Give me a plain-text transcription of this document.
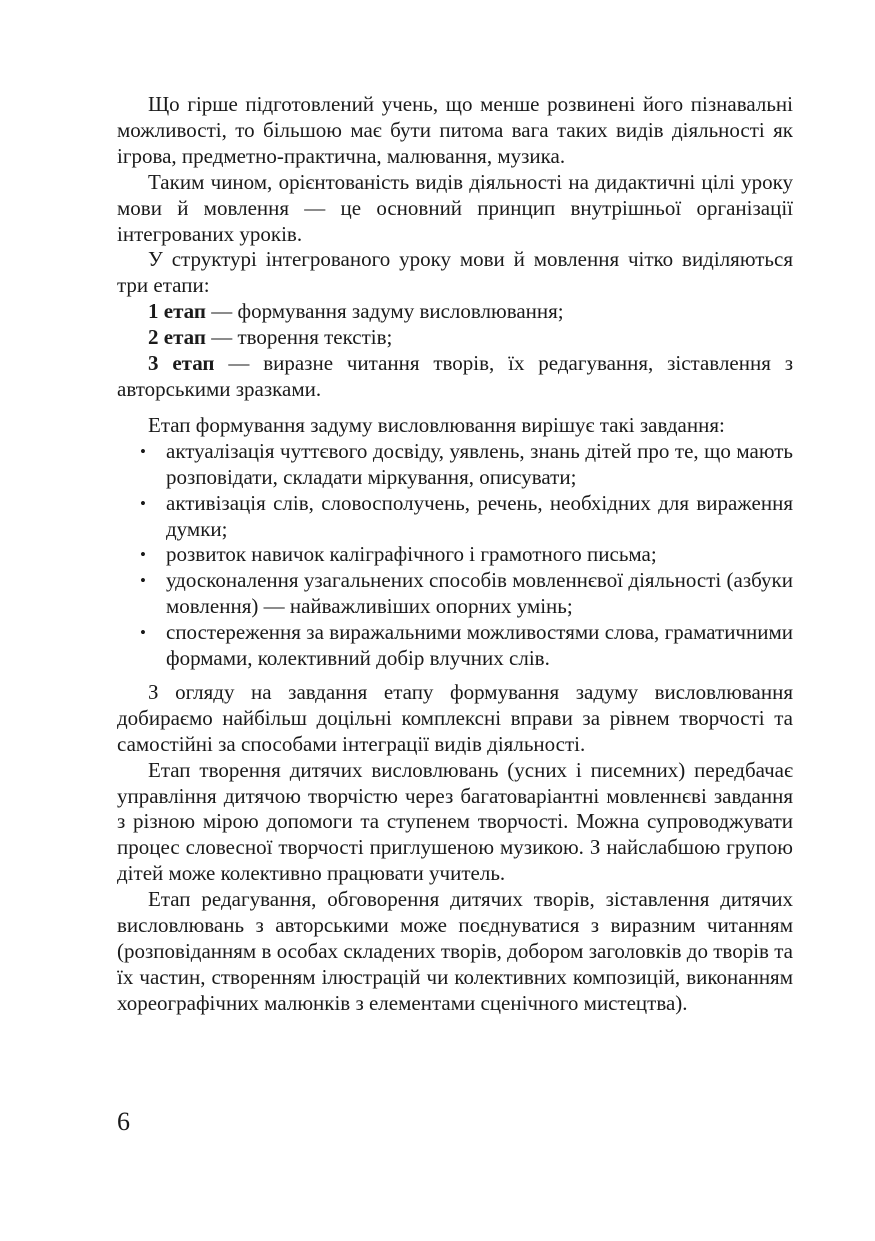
Що гірше підготовлений учень, що менше розвинені його пізнавальні можливості, то більшою має бути питома вага таких видів діяльності як ігрова, предметно-практична, малювання, музика.

Таким чином, орієнтованість видів діяльності на дидактичні цілі уроку мови й мовлення — це основний принцип внутрішньої організації інтегрованих уроків.

У структурі інтегрованого уроку мови й мовлення чітко виділяються три етапи:

1 етап — формування задуму висловлювання;

2 етап — творення текстів;

3 етап — виразне читання творів, їх редагування, зіставлення з авторськими зразками.

Етап формування задуму висловлювання вирішує такі завдання:

• актуалізація чуттєвого досвіду, уявлень, знань дітей про те, що мають розповідати, складати міркування, описувати;
• активізація слів, словосполучень, речень, необхідних для вираження думки;
• розвиток навичок каліграфічного і грамотного письма;
• удосконалення узагальнених способів мовленнєвої діяльності (азбуки мовлення) — найважливіших опорних умінь;
• спостереження за виражальними можливостями слова, граматичними формами, колективний добір влучних слів.

З огляду на завдання етапу формування задуму висловлювання добираємо найбільш доцільні комплексні вправи за рівнем творчості та самостійні за способами інтеграції видів діяльності.

Етап творення дитячих висловлювань (усних і писемних) передбачає управління дитячою творчістю через багатоваріантні мовленнєві завдання з різною мірою допомоги та ступенем творчості. Можна супроводжувати процес словесної творчості приглушеною музикою. З найслабшою групою дітей може колективно працювати учитель.

Етап редагування, обговорення дитячих творів, зіставлення дитячих висловлювань з авторськими може поєднуватися з виразним читанням (розповіданням в особах складених творів, добором заголовків до творів та їх частин, створенням ілюстрацій чи колективних композицій, виконанням хореографічних малюнків з елементами сценічного мистецтва).

6
